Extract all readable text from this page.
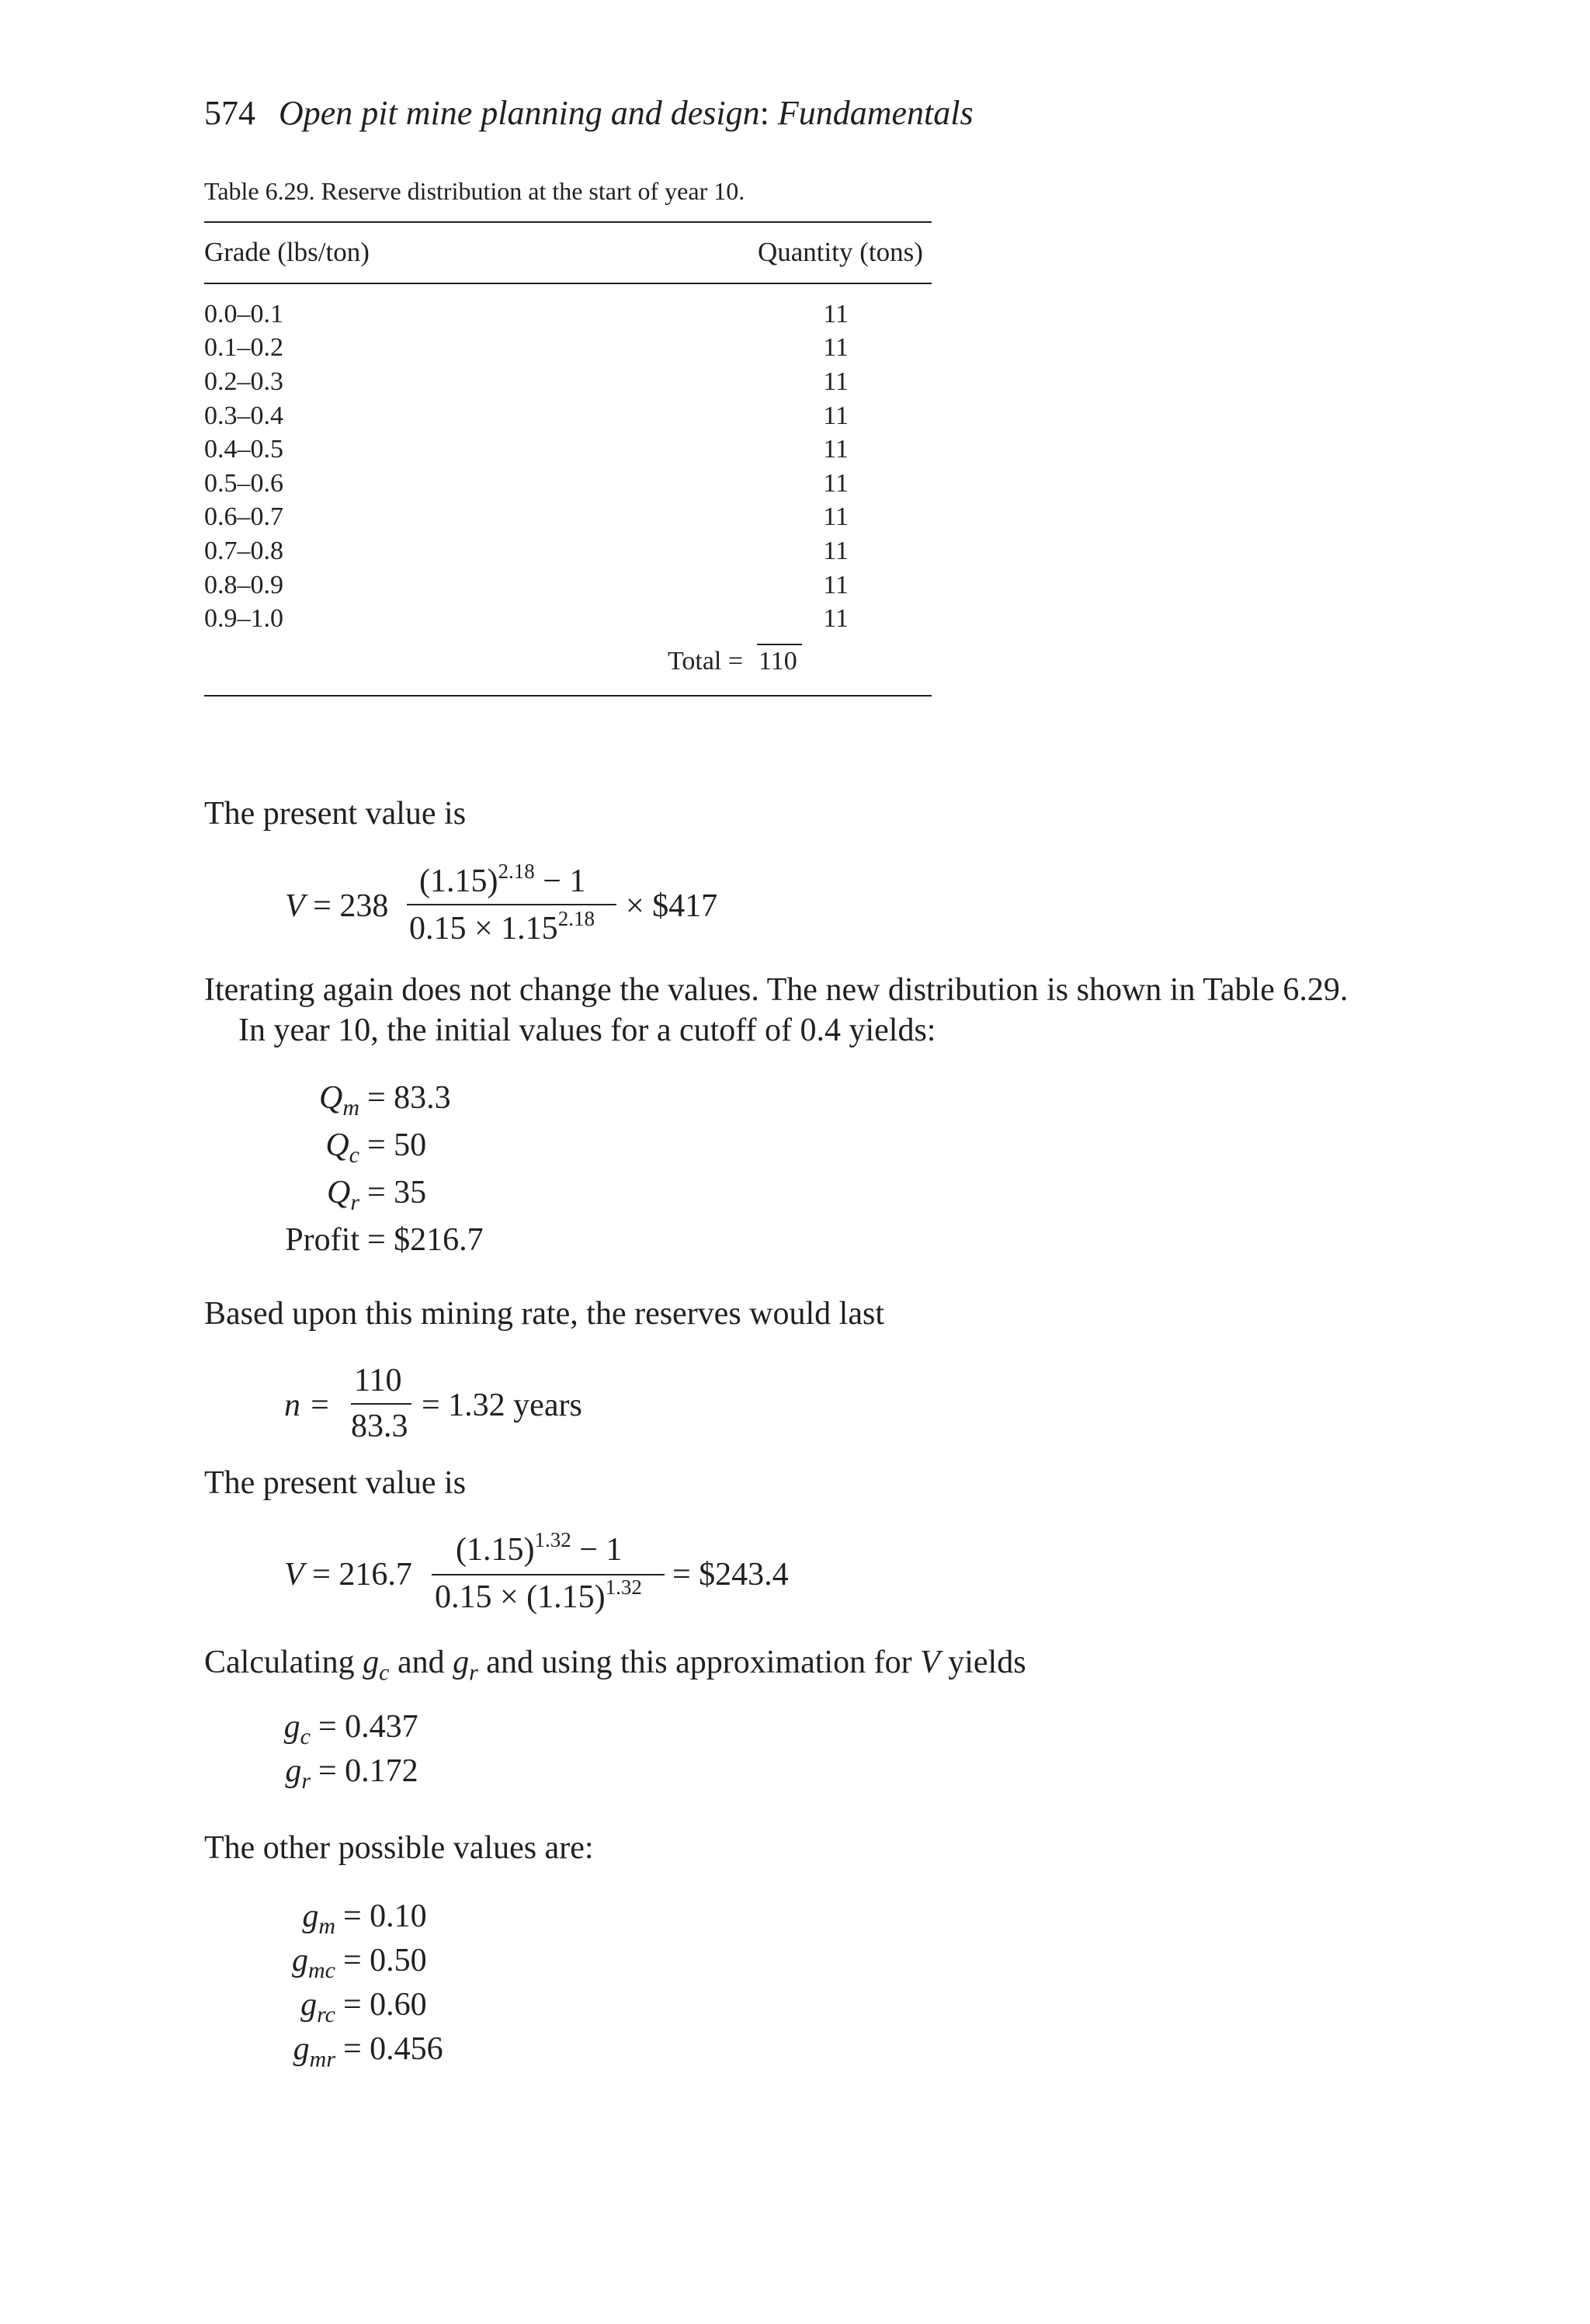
574 Open pit mine planning and design: Fundamentals
Table 6.29. Reserve distribution at the start of year 10.
Grade (lbs/ton)	Quantity (tons)
0.0–0.1	11
0.1–0.2	11
0.2–0.3	11
0.3–0.4	11
0.4–0.5	11
0.5–0.6	11
0.6–0.7	11
0.7–0.8	11
0.8–0.9	11
0.9–1.0	11
Total = 110
The present value is
V = 238
$(1.15)^{2.18} - 1$
$0.15 \times 1.15^{2.18}$ × $417
Iterating again does not change the values. The new distribution is shown in Table 6.29.
In year 10, the initial values for a cutoff of 0.4 yields:
$Q_m = 83.3$
$Q_c = 50$
$Q_r = 35$
Profit = $216.7
Based upon this mining rate, the reserves would last
n =
110
83.3
= 1.32 years
The present value is
V = 216.7
$(1.15)^{1.32} - 1$
$0.15 \times (1.15)^{1.32}$ = $243.4
Calculating $g_c$ and $g_r$ and using this approximation for V yields
$g_c = 0.437$
$g_r = 0.172$
The other possible values are:
$g_m = 0.10$
$g_{mc} = 0.50$
$g_{rc} = 0.60$
$g_{mr} = 0.456$
